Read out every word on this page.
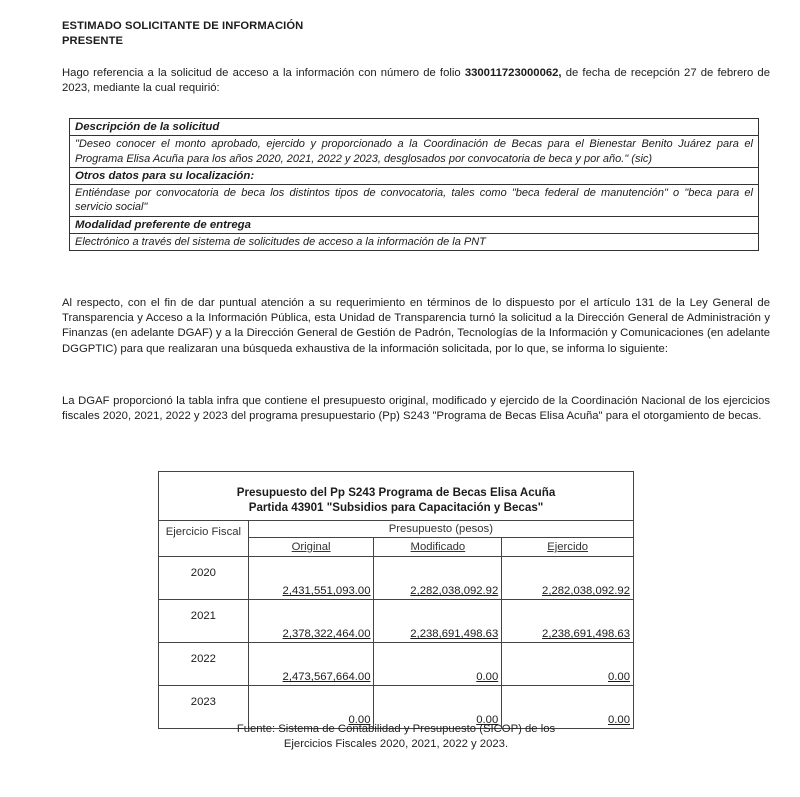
ESTIMADO SOLICITANTE DE INFORMACIÓN
PRESENTE
Hago referencia a la solicitud de acceso a la información con número de folio 330011723000062, de fecha de recepción 27 de febrero de 2023, mediante la cual requirió:
Descripción de la solicitud
"Deseo conocer el monto aprobado, ejercido y proporcionado a la Coordinación de Becas para el Bienestar Benito Juárez para el Programa Elisa Acuña para los años 2020, 2021, 2022 y 2023, desglosados por convocatoria de beca y por año." (sic)
Otros datos para su localización:
Entiéndase por convocatoria de beca los distintos tipos de convocatoria, tales como "beca federal de manutención" o "beca para el servicio social"
Modalidad preferente de entrega
Electrónico a través del sistema de solicitudes de acceso a la información de la PNT
Al respecto, con el fin de dar puntual atención a su requerimiento en términos de lo dispuesto por el artículo 131 de la Ley General de Transparencia y Acceso a la Información Pública, esta Unidad de Transparencia turnó la solicitud a la Dirección General de Administración y Finanzas (en adelante DGAF) y a la Dirección General de Gestión de Padrón, Tecnologías de la Información y Comunicaciones (en adelante DGGPTIC) para que realizaran una búsqueda exhaustiva de la información solicitada, por lo que, se informa lo siguiente:
La DGAF proporcionó la tabla infra que contiene el presupuesto original, modificado y ejercido de la Coordinación Nacional de los ejercicios fiscales 2020, 2021, 2022 y 2023 del programa presupuestario (Pp) S243 "Programa de Becas Elisa Acuña" para el otorgamiento de becas.
Presupuesto del Pp S243 Programa de Becas Elisa Acuña
Partida 43901 "Subsidios para Capacitación y Becas"			

Ejercicio Fiscal	Presupuesto (pesos)		
	Original	Modificado	Ejercido
2020	2,431,551,093.00	2,282,038,092.92	2,282,038,092.92
2021	2,378,322,464.00	2,238,691,498.63	2,238,691,498.63
2022	2,473,567,664.00	0.00	0.00
2023	0.00	0.00	0.00
Fuente: Sistema de Contabilidad y Presupuesto (SICOP) de los
Ejercicios Fiscales 2020, 2021, 2022 y 2023.
